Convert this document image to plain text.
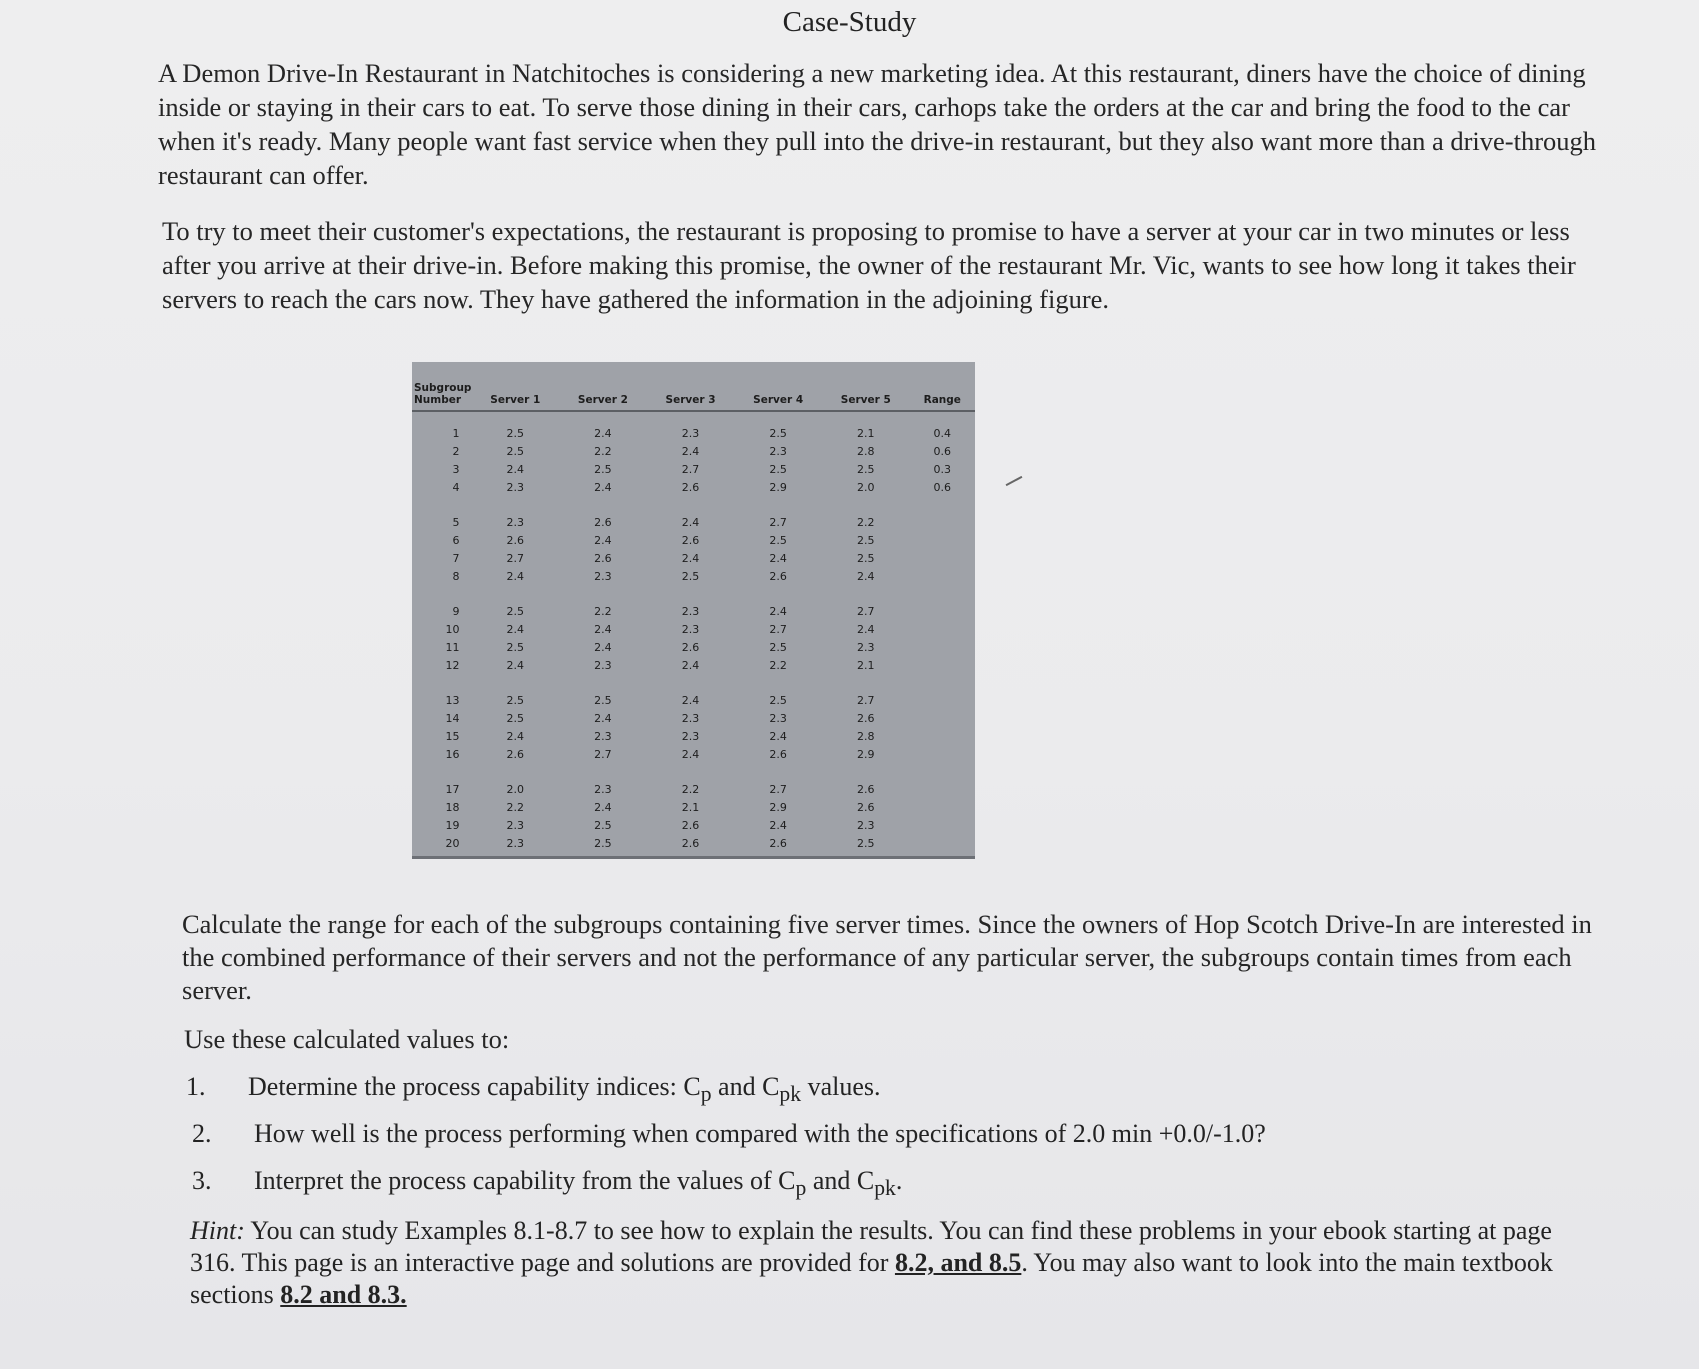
Case-Study

A Demon Drive-In Restaurant in Natchitoches is considering a new marketing idea. At this restaurant, diners have the choice of dining inside or staying in their cars to eat. To serve those dining in their cars, carhops take the orders at the car and bring the food to the car when it's ready. Many people want fast service when they pull into the drive-in restaurant, but they also want more than a drive-through restaurant can offer.

To try to meet their customer's expectations, the restaurant is proposing to promise to have a server at your car in two minutes or less after you arrive at their drive-in. Before making this promise, the owner of the restaurant Mr. Vic, wants to see how long it takes their servers to reach the cars now. They have gathered the information in the adjoining figure.

Subgroup Number	Server 1	Server 2	Server 3	Server 4	Server 5	Range
1	2.5	2.4	2.3	2.5	2.1	0.4
2	2.5	2.2	2.4	2.3	2.8	0.6
3	2.4	2.5	2.7	2.5	2.5	0.3
4	2.3	2.4	2.6	2.9	2.0	0.6

5	2.3	2.6	2.4	2.7	2.2	
6	2.6	2.4	2.6	2.5	2.5	
7	2.7	2.6	2.4	2.4	2.5	
8	2.4	2.3	2.5	2.6	2.4	

9	2.5	2.2	2.3	2.4	2.7	
10	2.4	2.4	2.3	2.7	2.4	
11	2.5	2.4	2.6	2.5	2.3	
12	2.4	2.3	2.4	2.2	2.1	

13	2.5	2.5	2.4	2.5	2.7	
14	2.5	2.4	2.3	2.3	2.6	
15	2.4	2.3	2.3	2.4	2.8	
16	2.6	2.7	2.4	2.6	2.9	

17	2.0	2.3	2.2	2.7	2.6	
18	2.2	2.4	2.1	2.9	2.6	
19	2.3	2.5	2.6	2.4	2.3	
20	2.3	2.5	2.6	2.6	2.5	

Calculate the range for each of the subgroups containing five server times. Since the owners of Hop Scotch Drive-In are interested in the combined performance of their servers and not the performance of any particular server, the subgroups contain times from each server.

Use these calculated values to:

1. Determine the process capability indices: $C_p$ and $C_{pk}$ values.

2. How well is the process performing when compared with the specifications of 2.0 min +0.0/-1.0?

3. Interpret the process capability from the values of $C_p$ and $C_{pk}$.

Hint: You can study Examples 8.1-8.7 to see how to explain the results. You can find these problems in your ebook starting at page 316. This page is an interactive page and solutions are provided for 8.2, and 8.5. You may also want to look into the main textbook sections 8.2 and 8.3.
